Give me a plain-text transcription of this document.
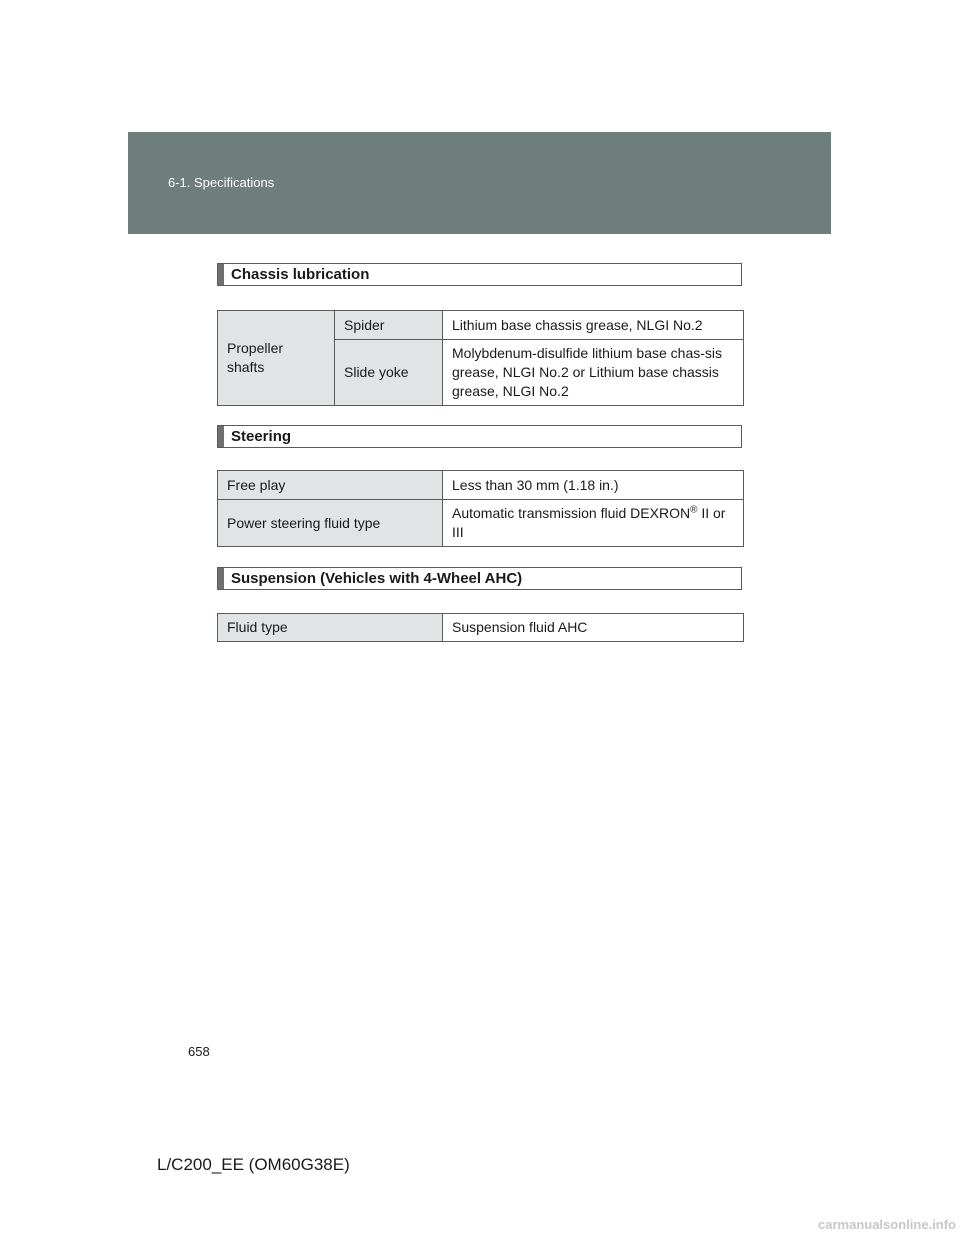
6-1. Specifications
Chassis lubrication
Propeller shafts	Spider	Lithium base chassis grease, NLGI No.2
	Slide yoke	Molybdenum-disulfide lithium base chas-sis grease, NLGI No.2 or Lithium base chassis grease, NLGI No.2
Steering
Free play	Less than 30 mm (1.18 in.)
Power steering fluid type	Automatic transmission fluid DEXRON® II or III
Suspension (Vehicles with 4-Wheel AHC)
Fluid type	Suspension fluid AHC
658
L/C200_EE (OM60G38E)
carmanualsonline.info
